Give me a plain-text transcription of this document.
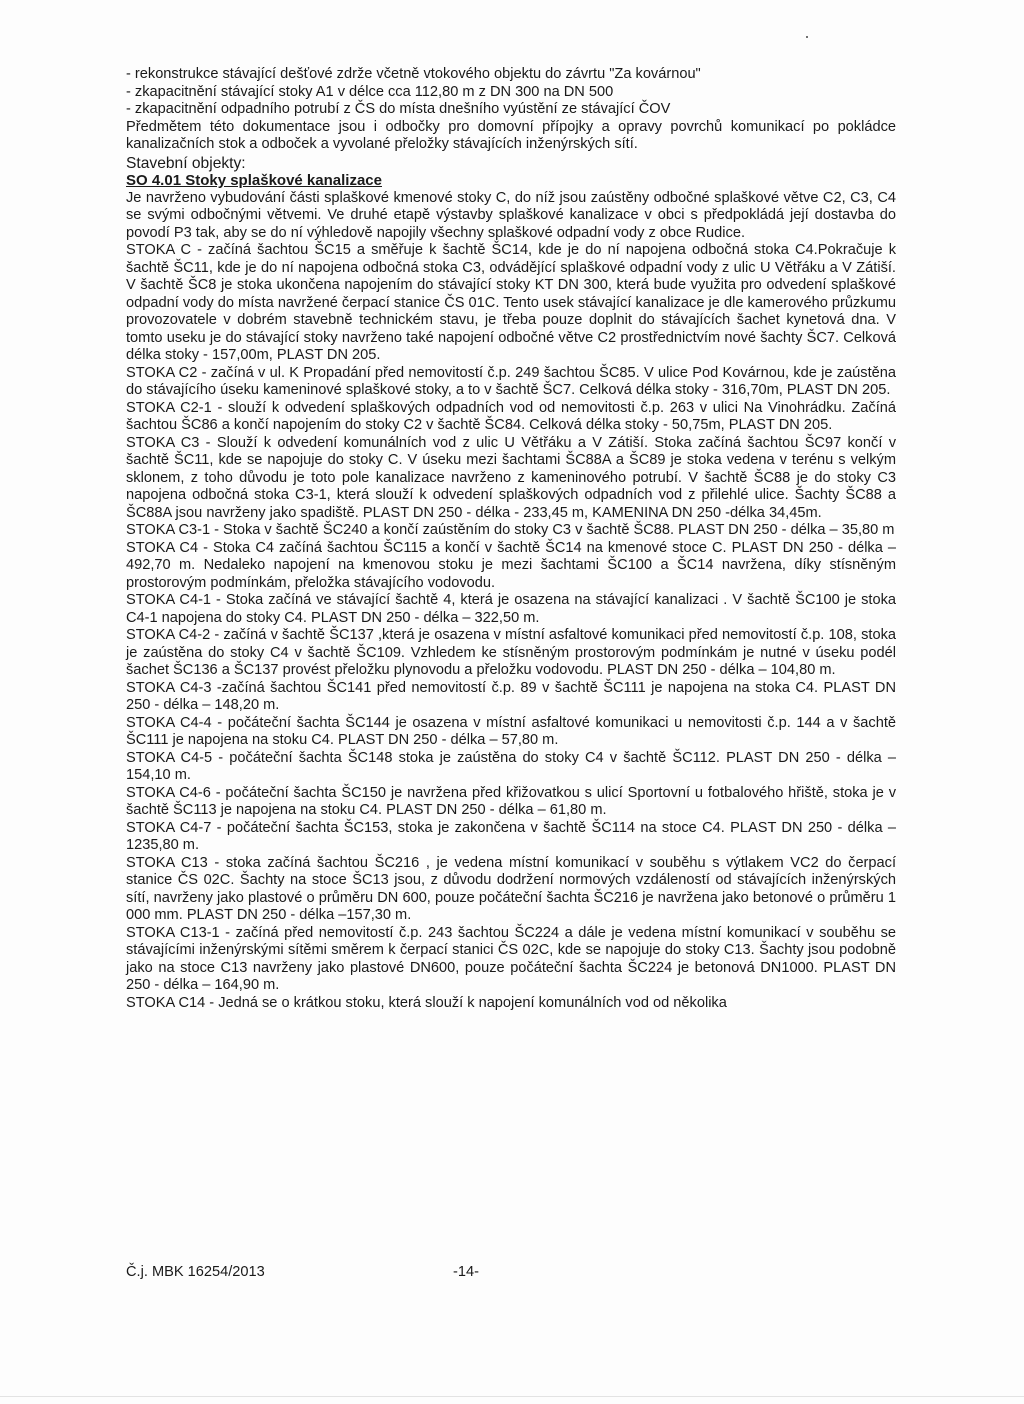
- rekonstrukce stávající dešťové zdrže včetně vtokového objektu do závrtu "Za kovárnou"

- zkapacitnění stávající stoky A1 v délce cca 112,80 m z DN 300 na DN 500

- zkapacitnění odpadního potrubí z ČS do místa dnešního vyústění ze stávající ČOV

Předmětem této dokumentace jsou i odbočky pro domovní přípojky a opravy povrchů komunikací po pokládce kanalizačních stok a odboček a vyvolané přeložky stávajících inženýrských sítí.

Stavební objekty:

SO 4.01 Stoky splaškové kanalizace

Je navrženo vybudování části splaškové kmenové stoky C, do níž jsou zaústěny odbočné splaškové větve C2, C3, C4 se svými odbočnými větvemi. Ve druhé etapě výstavby splaškové kanalizace v obci s předpokládá její dostavba do povodí P3 tak, aby se do ní výhledově napojily všechny splaškové odpadní vody z obce Rudice.

STOKA C - začíná šachtou ŠC15 a směřuje k šachtě ŠC14, kde je do ní napojena odbočná stoka C4.Pokračuje k šachtě ŠC11, kde je do ní napojena odbočná stoka C3, odvádějící splaškové odpadní vody z ulic U Větřáku a V Zátiší. V šachtě ŠC8 je stoka ukončena napojením do stávající stoky KT DN 300, která bude využita pro odvedení splaškové odpadní vody do místa navržené čerpací stanice ČS 01C. Tento usek stávající kanalizace je dle kamerového průzkumu provozovatele v dobrém stavebně technickém stavu, je třeba pouze doplnit do stávajících šachet kynetová dna. V tomto useku je do stávající stoky navrženo také napojení odbočné větve C2 prostřednictvím nové šachty ŠC7. Celková délka stoky - 157,00m, PLAST DN 205.

STOKA C2 - začíná v ul. K Propadání před nemovitostí č.p. 249 šachtou ŠC85. V ulice Pod Kovárnou, kde je zaústěna do stávajícího úseku kameninové splaškové stoky, a to v šachtě ŠC7. Celková délka stoky - 316,70m, PLAST DN 205.

STOKA C2-1 - slouží k odvedení splaškových odpadních vod od nemovitosti č.p. 263 v ulici Na Vinohrádku. Začíná šachtou ŠC86 a končí napojením do stoky C2 v šachtě ŠC84. Celková délka stoky - 50,75m, PLAST DN 205.

STOKA C3 - Slouží k odvedení komunálních vod z ulic U Větřáku a V Zátiší. Stoka začíná šachtou ŠC97 končí v šachtě ŠC11, kde se napojuje do stoky C. V úseku mezi šachtami ŠC88A a ŠC89 je stoka vedena v terénu s velkým sklonem, z toho důvodu je toto pole kanalizace navrženo z kameninového potrubí. V šachtě ŠC88 je do stoky C3 napojena odbočná stoka C3-1, která slouží k odvedení splaškových odpadních vod z přilehlé ulice. Šachty ŠC88 a ŠC88A jsou navrženy jako spadiště. PLAST DN 250 - délka - 233,45 m, KAMENINA DN 250 -délka 34,45m.

STOKA C3-1 - Stoka v šachtě ŠC240 a končí zaústěním do stoky C3 v šachtě ŠC88. PLAST DN 250 - délka – 35,80 m

STOKA C4 - Stoka C4 začíná šachtou ŠC115 a končí v šachtě ŠC14 na kmenové stoce C. PLAST DN 250 - délka – 492,70 m. Nedaleko napojení na kmenovou stoku je mezi šachtami ŠC100 a ŠC14 navržena, díky stísněným prostorovým podmínkám, přeložka stávajícího vodovodu.

STOKA C4-1 - Stoka začíná ve stávající šachtě 4, která je osazena na stávající kanalizaci . V šachtě ŠC100 je stoka C4-1 napojena do stoky C4. PLAST DN 250 - délka – 322,50 m.

STOKA C4-2 - začíná v šachtě ŠC137 ,která je osazena v místní asfaltové komunikaci před nemovitostí č.p. 108, stoka je zaústěna do stoky C4 v šachtě ŠC109. Vzhledem ke stísněným prostorovým podmínkám je nutné v úseku podél šachet ŠC136 a ŠC137 provést přeložku plynovodu a přeložku vodovodu. PLAST DN 250 - délka – 104,80 m.

STOKA C4-3 -začíná šachtou ŠC141 před nemovitostí č.p. 89 v šachtě ŠC111 je napojena na stoka C4. PLAST DN 250 - délka – 148,20 m.

STOKA C4-4 - počáteční šachta ŠC144 je osazena v místní asfaltové komunikaci u nemovitosti č.p. 144 a v šachtě ŠC111 je napojena na stoku C4. PLAST DN 250 - délka – 57,80 m.

STOKA C4-5 - počáteční šachta ŠC148 stoka je zaústěna do stoky C4 v šachtě ŠC112. PLAST DN 250 - délka – 154,10 m.

STOKA C4-6 - počáteční šachta ŠC150 je navržena před křižovatkou s ulicí Sportovní u fotbalového hřiště, stoka je v šachtě ŠC113 je napojena na stoku C4. PLAST DN 250 - délka – 61,80 m.

STOKA C4-7 - počáteční šachta ŠC153, stoka je zakončena v šachtě ŠC114 na stoce C4. PLAST DN 250 - délka – 1235,80 m.

STOKA C13 - stoka začíná šachtou ŠC216 , je vedena místní komunikací v souběhu s výtlakem VC2 do čerpací stanice ČS 02C. Šachty na stoce ŠC13 jsou, z důvodu dodržení normových vzdáleností od stávajících inženýrských sítí, navrženy jako plastové o průměru DN 600, pouze počáteční šachta ŠC216 je navržena jako betonové o průměru 1 000 mm. PLAST DN 250 - délka –157,30 m.

STOKA C13-1 - začíná před nemovitostí č.p. 243 šachtou ŠC224 a dále je vedena místní komunikací v souběhu se stávajícími inženýrskými sítěmi směrem k čerpací stanici ČS 02C, kde se napojuje do stoky C13. Šachty jsou podobně jako na stoce C13 navrženy jako plastové DN600, pouze počáteční šachta ŠC224 je betonová DN1000. PLAST DN 250 - délka – 164,90 m.

STOKA C14 - Jedná se o krátkou stoku, která slouží k napojení komunálních vod od několika

Č.j. MBK 16254/2013	-14-
